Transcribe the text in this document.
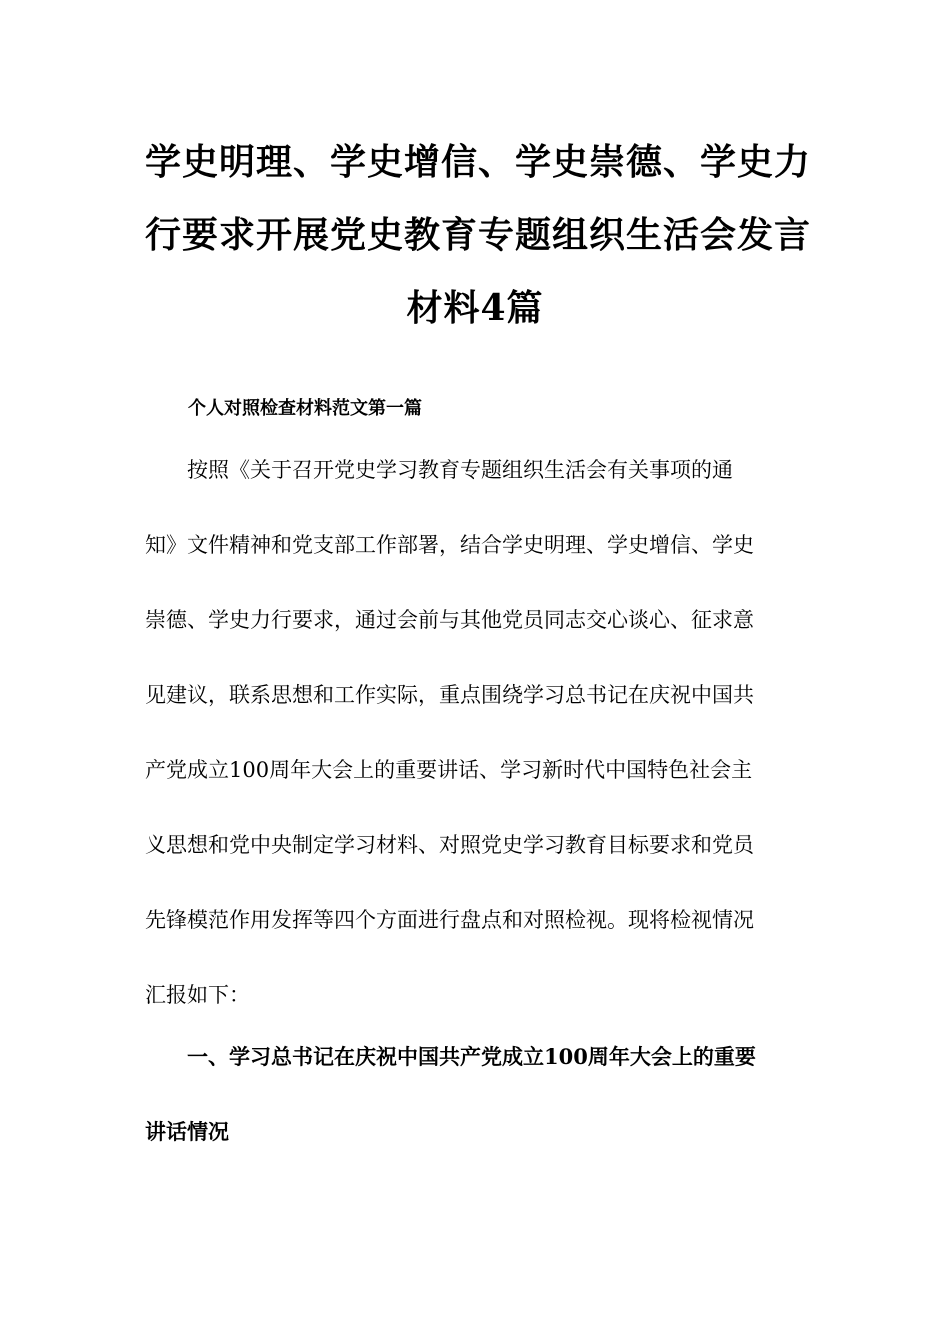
学史明理、学史增信、学史崇德、学史力
行要求开展党史教育专题组织生活会发言
材料4篇
个人对照检查材料范文第一篇

按照《关于召开党史学习教育专题组织生活会有关事项的通
知》文件精神和党支部工作部署，结合学史明理、学史增信、学史
崇德、学史力行要求，通过会前与其他党员同志交心谈心、征求意
见建议，联系思想和工作实际，重点围绕学习总书记在庆祝中国共
产党成立100周年大会上的重要讲话、学习新时代中国特色社会主
义思想和党中央制定学习材料、对照党史学习教育目标要求和党员
先锋模范作用发挥等四个方面进行盘点和对照检视。现将检视情况
汇报如下：

一、学习总书记在庆祝中国共产党成立100周年大会上的重要
讲话情况
